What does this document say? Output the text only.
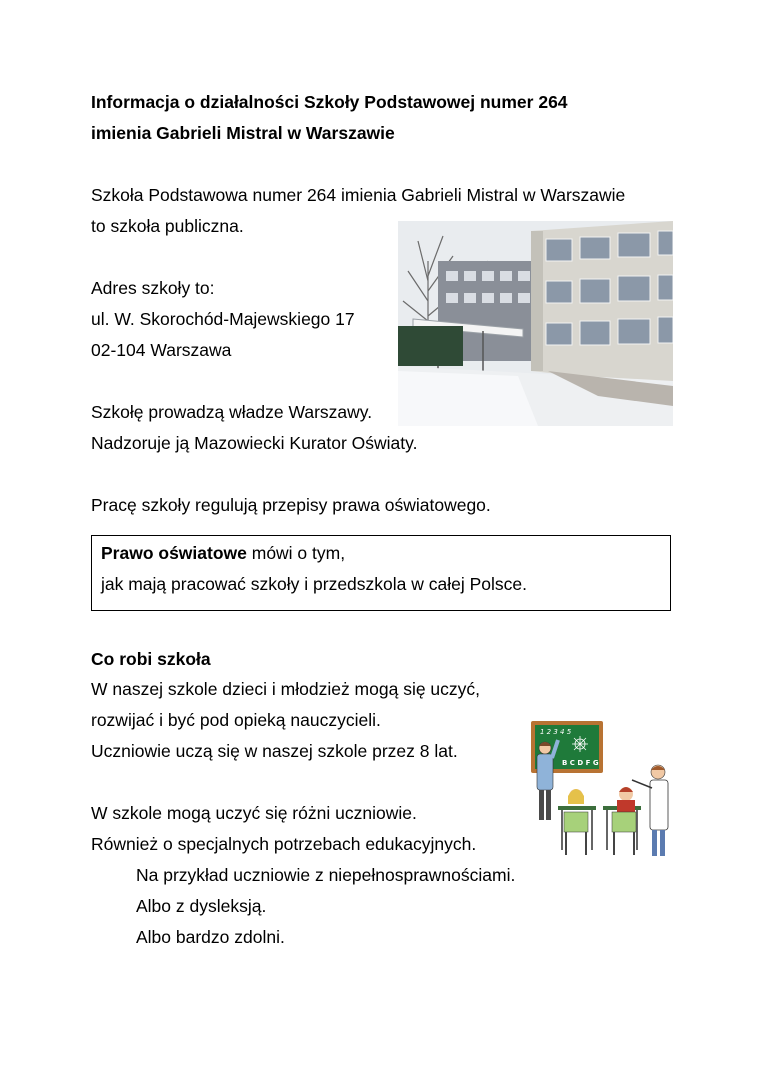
Informacja o działalności Szkoły Podstawowej numer 264
imienia Gabrieli Mistral w Warszawie
Szkoła Podstawowa numer 264 imienia Gabrieli Mistral w Warszawie
to szkoła publiczna.
Adres szkoły to:
ul. W. Skorochód-Majewskiego 17
02-104 Warszawa
Szkołę prowadzą władze Warszawy.
Nadzoruje ją Mazowiecki Kurator Oświaty.
Pracę szkoły regulują przepisy prawa oświatowego.
Prawo oświatowe mówi o tym,
jak mają pracować szkoły i przedszkola w całej Polsce.
Co robi szkoła
W naszej szkole dzieci i młodzież mogą się uczyć,
rozwijać i być pod opieką nauczycieli.
Uczniowie uczą się w naszej szkole przez 8 lat.
W szkole mogą uczyć się różni uczniowie.
Również o specjalnych potrzebach edukacyjnych.
Na przykład uczniowie z niepełnosprawnościami.
Albo z dysleksją.
Albo bardzo zdolni.
1 2 3 4 5
B C D F G
